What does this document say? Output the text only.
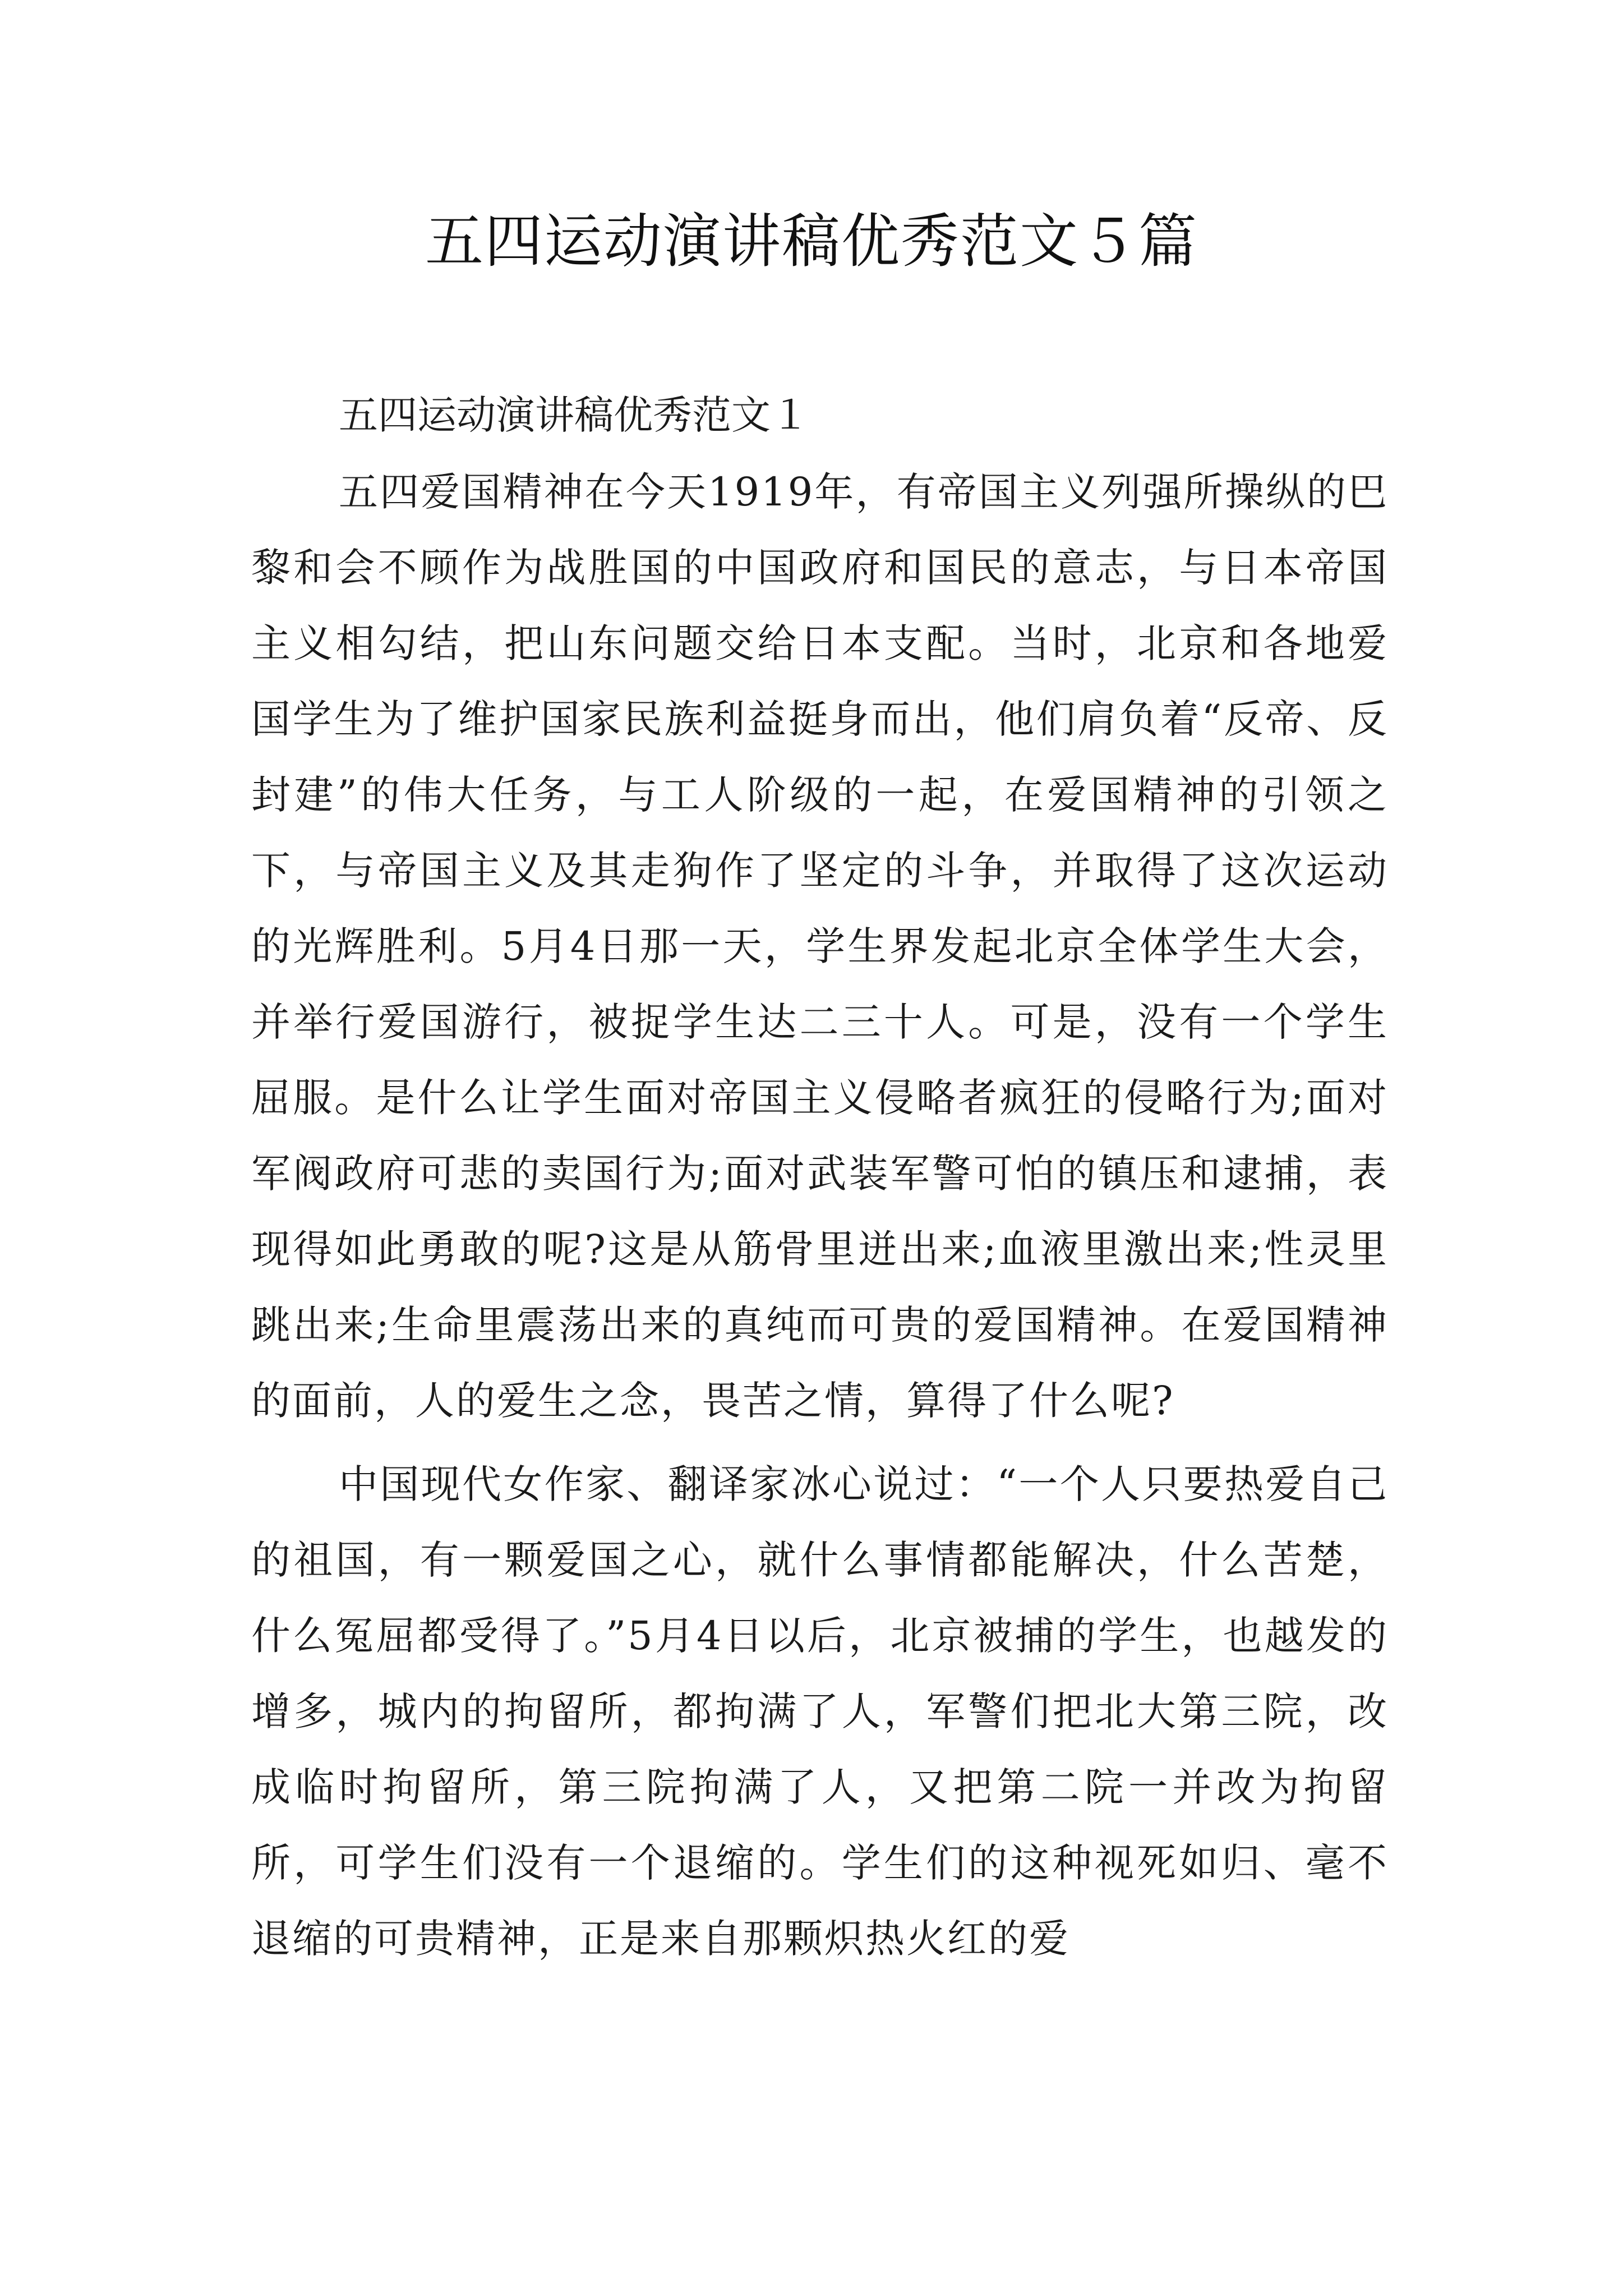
五四运动演讲稿优秀范文５篇
五四运动演讲稿优秀范文１

五四爱国精神在今天1919年，有帝国主义列强所操纵的巴黎和会不顾作为战胜国的中国政府和国民的意志，与日本帝国主义相勾结，把山东问题交给日本支配。当时，北京和各地爱国学生为了维护国家民族利益挺身而出，他们肩负着“反帝、反封建”的伟大任务，与工人阶级的一起，在爱国精神的引领之下，与帝国主义及其走狗作了坚定的斗争，并取得了这次运动的光辉胜利。5月4日那一天，学生界发起北京全体学生大会，并举行爱国游行，被捉学生达二三十人。可是，没有一个学生屈服。是什么让学生面对帝国主义侵略者疯狂的侵略行为;面对军阀政府可悲的卖国行为;面对武装军警可怕的镇压和逮捕，表现得如此勇敢的呢?这是从筋骨里迸出来;血液里激出来;性灵里跳出来;生命里震荡出来的真纯而可贵的爱国精神。在爱国精神的面前，人的爱生之念，畏苦之情，算得了什么呢?

中国现代女作家、翻译家冰心说过：“一个人只要热爱自己的祖国，有一颗爱国之心，就什么事情都能解决，什么苦楚，什么冤屈都受得了。”5月4日以后，北京被捕的学生，也越发的增多，城内的拘留所，都拘满了人，军警们把北大第三院，改成临时拘留所，第三院拘满了人，又把第二院一并改为拘留所，可学生们没有一个退缩的。学生们的这种视死如归、毫不退缩的可贵精神，正是来自那颗炽热火红的爱
